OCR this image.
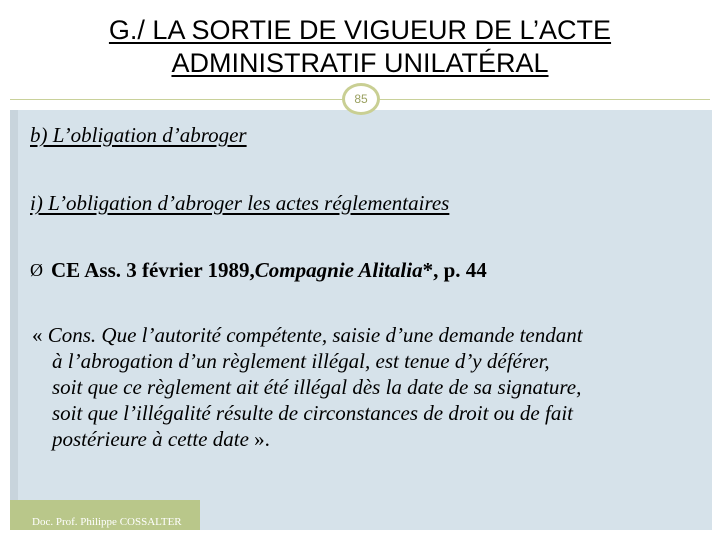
G./ LA SORTIE DE VIGUEUR DE L’ACTE
ADMINISTRATIF UNILATÉRAL
85
b) L’obligation d’abroger
i) L’obligation d’abroger les actes réglementaires
Ø CE Ass. 3 février 1989, Compagnie Alitalia *, p. 44
« Cons. Que l’autorité compétente, saisie d’une demande tendant
à l’abrogation d’un règlement illégal, est tenue d’y déférer,
soit que ce règlement ait été illégal dès la date de sa signature,
soit que l’illégalité résulte de circonstances de droit ou de fait
postérieure à cette date ».
Doc. Prof. Philippe COSSALTER
